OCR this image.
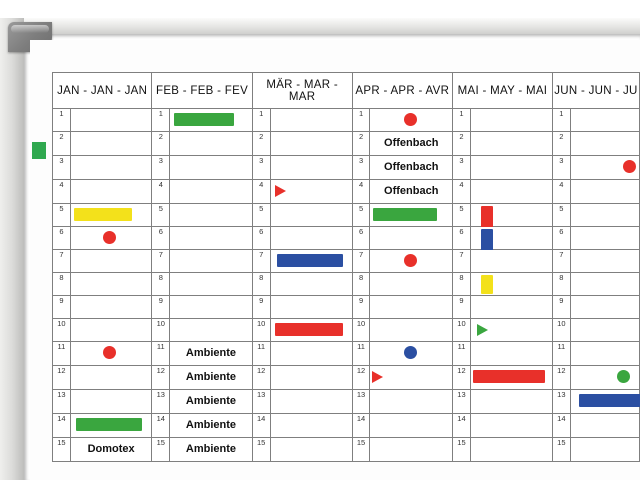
JAN - JAN - JAN		FEB - FEB - FEV		MÄR - MAR - MAR		APR - APR - AVR		MAI - MAY - MAI		JUN - JUN - JU	
1		1		1		1		1		1	
2		2		2		2	Offenbach	2		2	
3		3		3		3	Offenbach	3		3	

4		4		4		4	Offenbach	4		4	
5		5		5		5		5		5	
6		6		6		6		6		6	
7		7		7		7		7		7	
8		8		8		8		8		8	
9		9		9		9		9		9	
10		10		10		10		10		10	
11		11	Ambiente	11		11		11		11	
12		12	Ambiente	12		12		12		12	

13		13	Ambiente	13		13		13		13	

14		14	Ambiente	14		14		14		14	
15	Domotex	15	Ambiente	15		15		15		15	
